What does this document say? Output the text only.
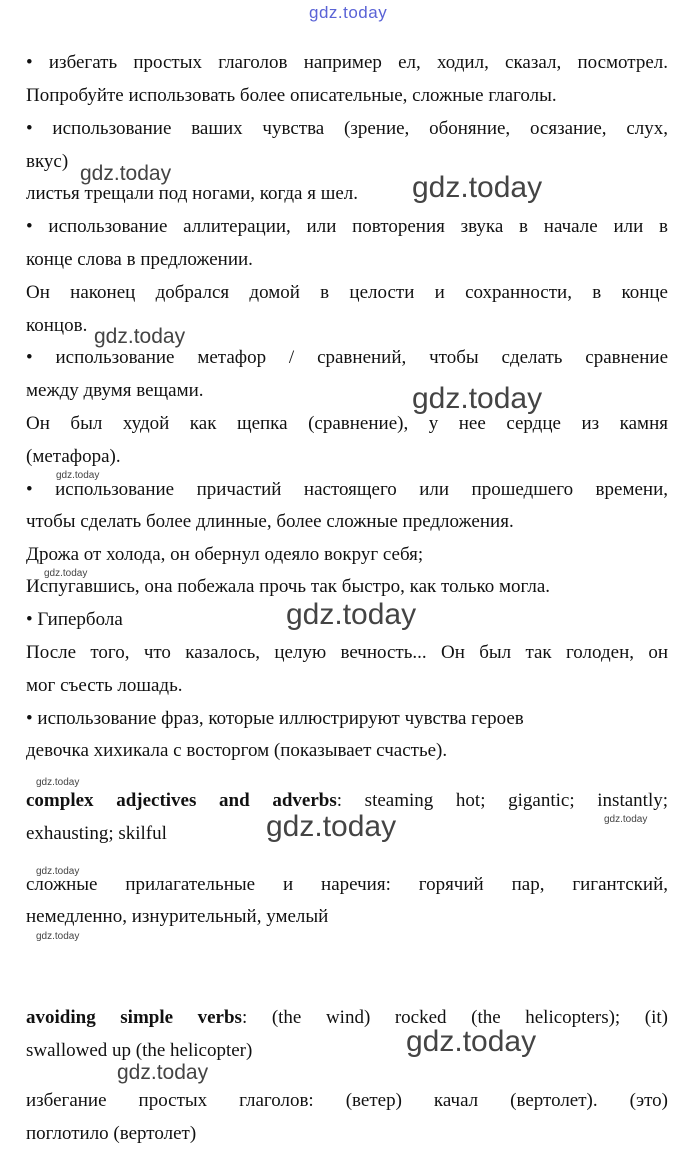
gdz.today
• избегать простых глаголов например ел, ходил, сказал, посмотрел.
Попробуйте использовать более описательные, сложные глаголы.
• использование ваших чувства (зрение, обоняние, осязание, слух,
вкус)
листья трещали под ногами, когда я шел.
• использование аллитерации, или повторения звука в начале или в
конце слова в предложении.
Он наконец добрался домой в целости и сохранности, в конце
концов.
• использование метафор / сравнений, чтобы сделать сравнение
между двумя вещами.
Он был худой как щепка (сравнение), у нее сердце из камня
(метафора).
• использование причастий настоящего или прошедшего времени,
чтобы сделать более длинные, более сложные предложения.
Дрожа от холода, он обернул одеяло вокруг себя;
Испугавшись, она побежала прочь так быстро, как только могла.
• Гипербола
После того, что казалось, целую вечность... Он был так голоден, он
мог съесть лошадь.
• использование фраз, которые иллюстрируют чувства героев
девочка хихикала с восторгом (показывает счастье).
complex adjectives and adverbs: steaming hot; gigantic; instantly;
exhausting; skilful
сложные прилагательные и наречия: горячий пар, гигантский,
немедленно, изнурительный, умелый
avoiding simple verbs: (the wind) rocked (the helicopters); (it)
swallowed up (the helicopter)
избегание простых глаголов: (ветер) качал (вертолет). (это)
поглотило (вертолет)
gdz.today	gdz.today
gdz.today
gdz.today
gdz.today
gdz.today
gdz.today
gdz.today
gdz.today
gdz.today
gdz.today
gdz.today
gdz.today
gdz.today
